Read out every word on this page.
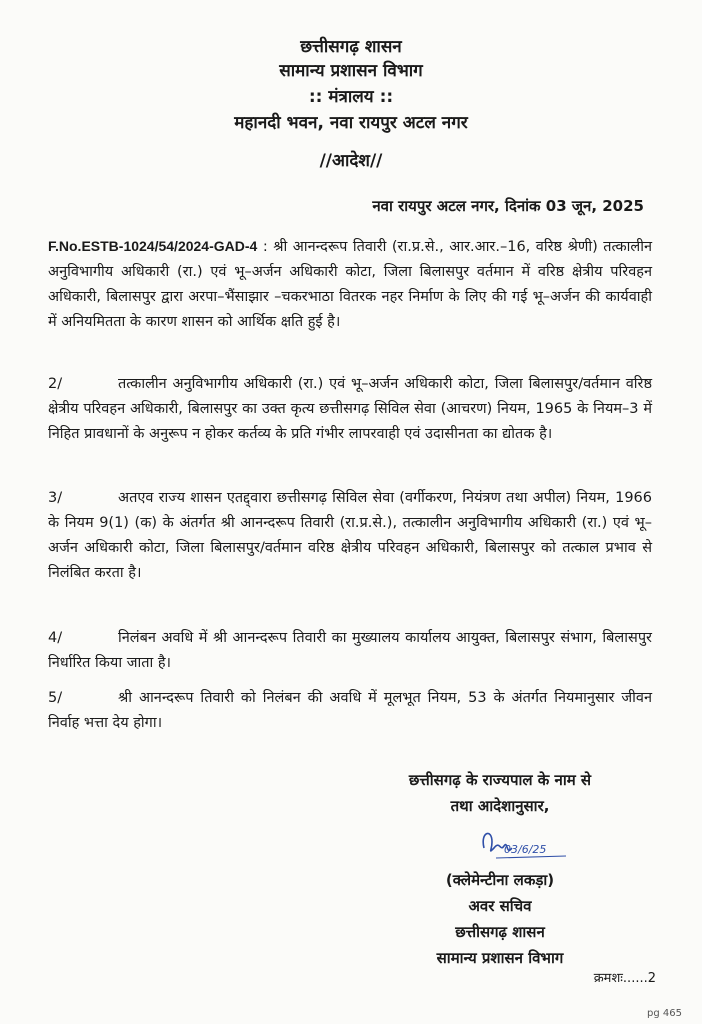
छत्तीसगढ़ शासन
सामान्य प्रशासन विभाग
:: मंत्रालय ::
महानदी भवन, नवा रायपुर अटल नगर
//आदेश//
नवा रायपुर अटल नगर, दिनांक 03 जून, 2025
F.No.ESTB-1024/54/2024-GAD-4 : श्री आनन्दरूप तिवारी (रा.प्र.से., आर.आर.–16, वरिष्ठ श्रेणी) तत्कालीन अनुविभागीय अधिकारी (रा.) एवं भू–अर्जन अधिकारी कोटा, जिला बिलासपुर वर्तमान में वरिष्ठ क्षेत्रीय परिवहन अधिकारी, बिलासपुर द्वारा अरपा–भैंसाझार –चकरभाठा वितरक नहर निर्माण के लिए की गई भू–अर्जन की कार्यवाही में अनियमितता के कारण शासन को आर्थिक क्षति हुई है।
2/	तत्कालीन अनुविभागीय अधिकारी (रा.) एवं भू–अर्जन अधिकारी कोटा, जिला बिलासपुर/वर्तमान वरिष्ठ क्षेत्रीय परिवहन अधिकारी, बिलासपुर का उक्त कृत्य छत्तीसगढ़ सिविल सेवा (आचरण) नियम, 1965 के नियम–3 में निहित प्रावधानों के अनुरूप न होकर कर्तव्य के प्रति गंभीर लापरवाही एवं उदासीनता का द्योतक है।
3/	अतएव राज्य शासन एतद्द्वारा छत्तीसगढ़ सिविल सेवा (वर्गीकरण, नियंत्रण तथा अपील) नियम, 1966 के नियम 9(1) (क) के अंतर्गत श्री आनन्दरूप तिवारी (रा.प्र.से.), तत्कालीन अनुविभागीय अधिकारी (रा.) एवं भू–अर्जन अधिकारी कोटा, जिला बिलासपुर/वर्तमान वरिष्ठ क्षेत्रीय परिवहन अधिकारी, बिलासपुर को तत्काल प्रभाव से निलंबित करता है।
4/	निलंबन अवधि में श्री आनन्दरूप तिवारी का मुख्यालय कार्यालय आयुक्त, बिलासपुर संभाग, बिलासपुर निर्धारित किया जाता है।
5/	श्री आनन्दरूप तिवारी को निलंबन की अवधि में मूलभूत नियम, 53 के अंतर्गत नियमानुसार जीवन निर्वाह भत्ता देय होगा।
छत्तीसगढ़ के राज्यपाल के नाम से
तथा आदेशानुसार,
03/6/25
(क्लेमेन्टीना लकड़ा)
अवर सचिव
छत्तीसगढ़ शासन
सामान्य प्रशासन विभाग
क्रमशः......2
pg 465
